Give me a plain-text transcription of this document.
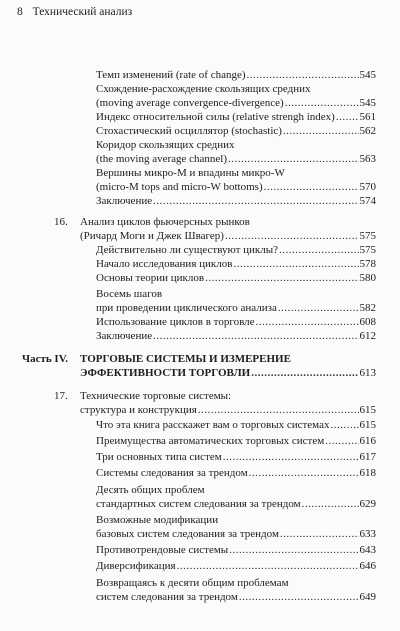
8 Технический анализ
Темп изменений (rate of change) .....	545
Схождение-расхождение скользящих средних
(moving average convergence-divergence) .....	545
Индекс относительной силы (relative strengh index) ..... 561
Стохастический осциллятор (stochastic) .....	562
Коридор скользящих средних
(the moving average channel) .....	563
Вершины микро-М и впадины микро-W
(micro-M tops and micro-W bottoms) .....	570
Заключение .....	574
16. Анализ циклов фьючерсных рынков
(Ричард Моги и Джек Швагер) .....	575
Действительно ли существуют циклы? .....	575
Начало исследования циклов .....	578
Основы теории циклов .....	580
Восемь шагов
при проведении циклического анализа .....	582
Использование циклов в торговле .....	608
Заключение .....	612
Часть IV. ТОРГОВЫЕ СИСТЕМЫ И ИЗМЕРЕНИЕ
ЭФФЕКТИВНОСТИ ТОРГОВЛИ .....	613
17. Технические торговые системы:
структура и конструкция .....	615
Что эта книга расскажет вам о торговых системах .....	615
Преимущества автоматических торговых систем .....	616
Три основных типа систем .....	617
Системы следования за трендом .....	618
Десять общих проблем
стандартных систем следования за трендом .....	629
Возможные модификации
базовых систем следования за трендом .....	633
Противотрендовые системы .....	643
Диверсификация .....	646
Возвращаясь к десяти общим проблемам
систем следования за трендом .....	649
